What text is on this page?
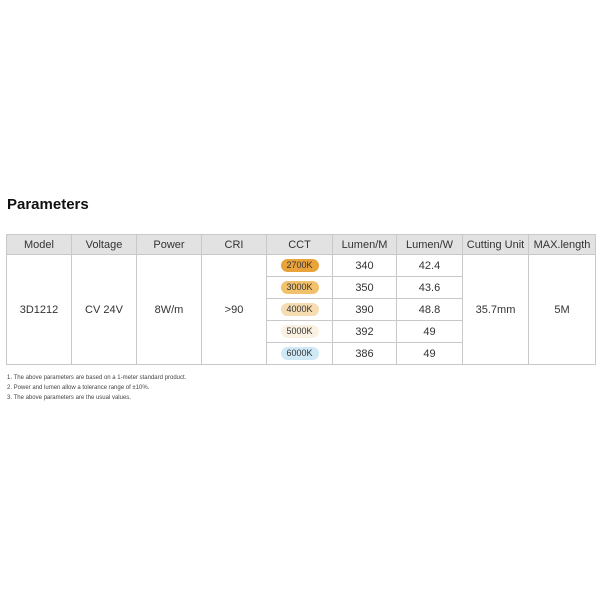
Parameters
Model	Voltage	Power	CRI	CCT	Lumen/M	Lumen/W	Cutting Unit	MAX.length
3D1212	CV 24V	8W/m	>90	2700K	340	42.4	35.7mm	5M
				3000K	350	43.6		
				4000K	390	48.8		
				5000K	392	49		
				6000K	386	49		
1. The above parameters are based on a 1-meter standard product.
2. Power and lumen allow a tolerance range of ±10%.
3. The above parameters are the usual values.
